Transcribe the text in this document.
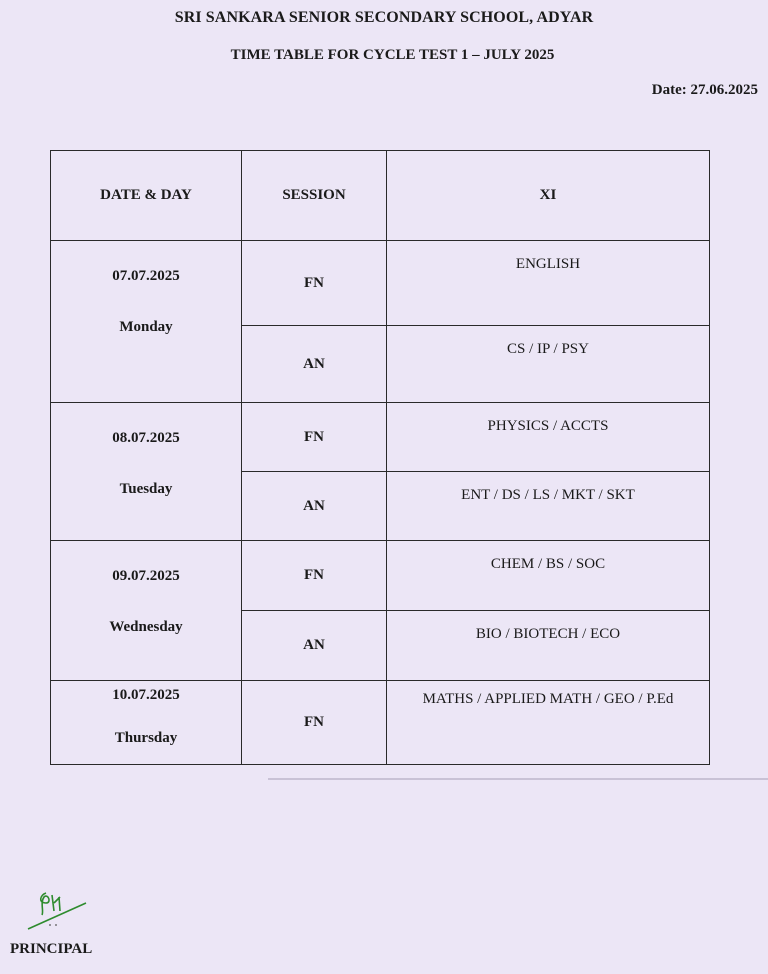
SRI SANKARA SENIOR SECONDARY SCHOOL, ADYAR
TIME TABLE FOR CYCLE TEST 1 – JULY 2025
Date: 27.06.2025
DATE & DAY	SESSION	XI

07.07.2025
Monday	FN	ENGLISH

	AN	CS / IP / PSY

08.07.2025
Tuesday	FN	PHYSICS / ACCTS

	AN	ENT / DS / LS / MKT / SKT

09.07.2025
Wednesday	FN	CHEM / BS / SOC

	AN	BIO / BIOTECH / ECO

10.07.2025
Thursday	FN	MATHS / APPLIED MATH / GEO / P.Ed
PRINCIPAL
